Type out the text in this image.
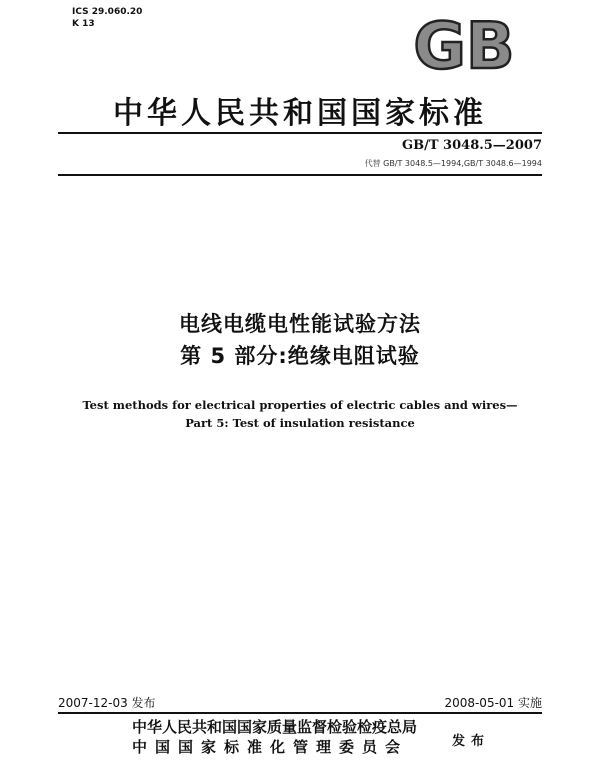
ICS 29.060.20
K 13	GB
中华人民共和国国家标准
GB/T 3048.5—2007
代替 GB/T 3048.5—1994,GB/T 3048.6—1994
电线电缆电性能试验方法
第 5 部分:绝缘电阻试验
Test methods for electrical properties of electric cables and wires—
Part 5: Test of insulation resistance
2007-12-03 发布	2008-05-01 实施
中华人民共和国国家质量监督检验检疫总局
中国国家标准化管理委员会	发布
